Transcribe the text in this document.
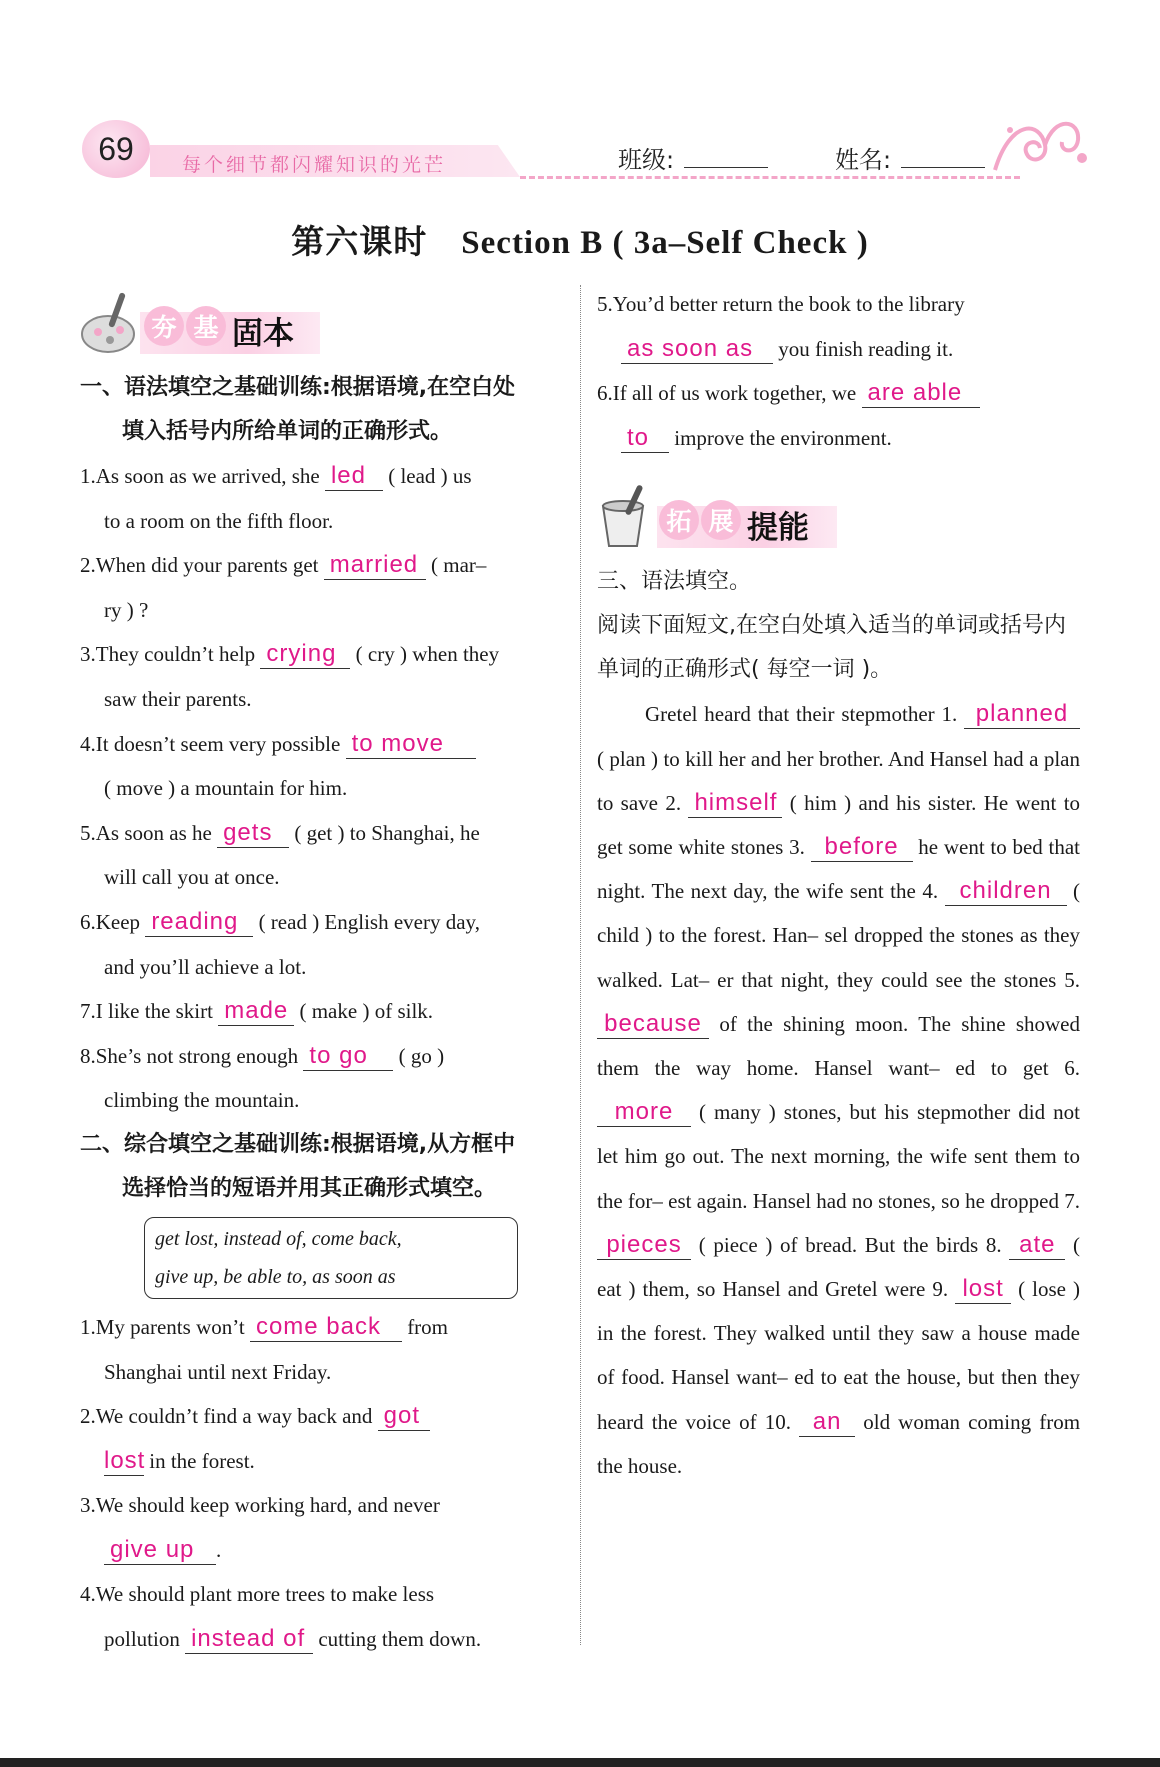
69	每个细节都闪耀知识的光芒	班级:	姓名:
第六课时　Section B ( 3a–Self Check )
夯 基 固本
一、语法填空之基础训练:根据语境,在空白处
填入括号内所给单词的正确形式。

1.As soon as we arrived, she led ( lead ) us
to a room on the fifth floor.

2.When did your parents get married ( mar–
ry ) ?

3.They couldn’t help crying ( cry ) when they
saw their parents.

4.It doesn’t seem very possible to move
( move ) a mountain for him.

5.As soon as he gets ( get ) to Shanghai, he
will call you at once.

6.Keep reading ( read ) English every day,
and you’ll achieve a lot.

7.I like the skirt made ( make ) of silk.

8.She’s not strong enough to go ( go )
climbing the mountain.

二、综合填空之基础训练:根据语境,从方框中
选择恰当的短语并用其正确形式填空。
get lost, instead of, come back,
give up, be able to, as soon as

1.My parents won’t come back from
Shanghai until next Friday.

2.We couldn’t find a way back and got
lost in the forest.

3.We should keep working hard, and never
give up .

4.We should plant more trees to make less
pollution instead of cutting them down.

5.You’d better return the book to the library
as soon as you finish reading it.

6.If all of us work together, we are able
to improve the environment.

拓 展 提能
三、语法填空。
阅读下面短文,在空白处填入适当的单词或括号内单词的正确形式( 每空一词 )。

Gretel heard that their stepmother 1. planned ( plan ) to kill her and her brother. And Hansel had a plan to save 2. himself ( him ) and his sister. He went to get some white stones 3. before he went to bed that night. The next day, the wife sent the 4. children ( child ) to the forest. Han– sel dropped the stones as they walked. Lat– er that night, they could see the stones 5. because of the shining moon. The shine showed them the way home. Hansel want– ed to get 6. more ( many ) stones, but his stepmother did not let him go out. The next morning, the wife sent them to the for– est again. Hansel had no stones, so he dropped 7. pieces ( piece ) of bread. But the birds 8. ate ( eat ) them, so Hansel and Gretel were 9. lost ( lose ) in the forest. They walked until they saw a house made of food. Hansel want– ed to eat the house, but then they heard the voice of 10. an old woman coming from the house.
